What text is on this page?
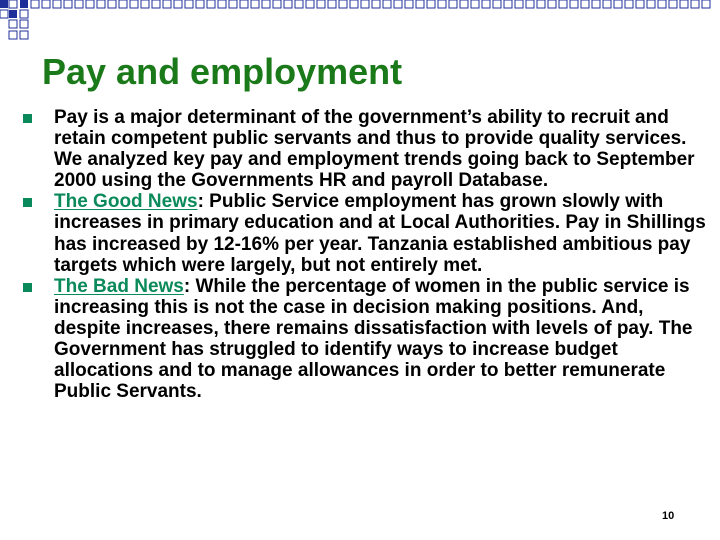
Pay and employment
Pay is a major determinant of the government’s ability to recruit and retain competent public servants and thus to provide quality services. We analyzed key pay and employment trends going back to September 2000 using the Governments HR and payroll Database.
The Good News: Public Service employment has grown slowly with increases in primary education and at Local Authorities. Pay in Shillings has increased by 12-16% per year. Tanzania established ambitious pay targets which were largely, but not entirely met.
The Bad News: While the percentage of women in the public service is increasing this is not the case in decision making positions. And, despite increases, there remains dissatisfaction with levels of pay. The Government has struggled to identify ways to increase budget allocations and to manage allowances in order to better remunerate Public Servants.
10
